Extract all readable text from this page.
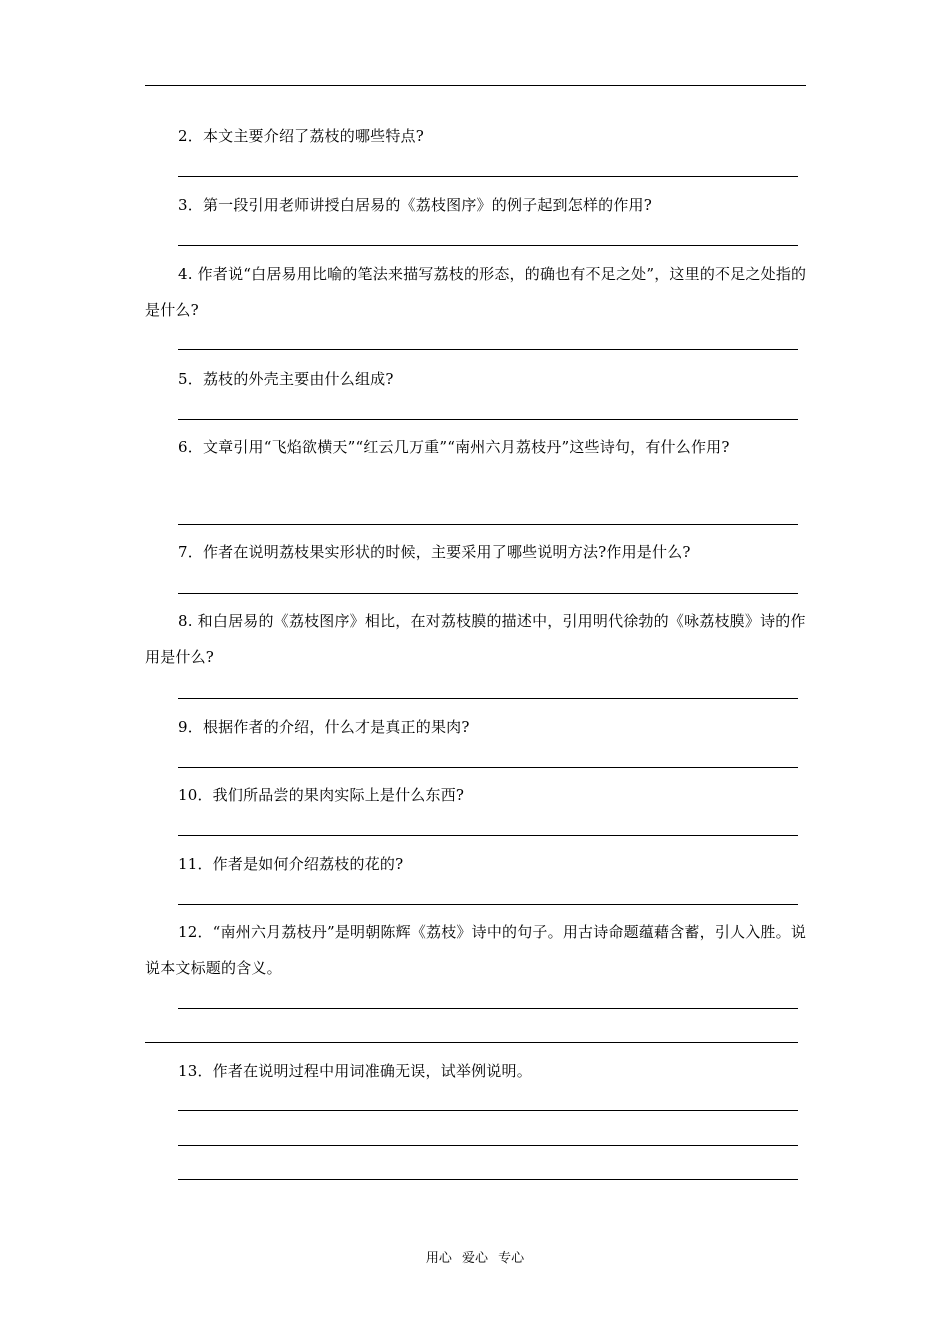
2．本文主要介绍了荔枝的哪些特点?
3．第一段引用老师讲授白居易的《荔枝图序》的例子起到怎样的作用?
4. 作者说“白居易用比喻的笔法来描写荔枝的形态，的确也有不足之处”，这里的不足之处指的是什么?
5．荔枝的外壳主要由什么组成?
6．文章引用“飞焰欲横天”“红云几万重”“南州六月荔枝丹”这些诗句，有什么作用?
7．作者在说明荔枝果实形状的时候，主要采用了哪些说明方法?作用是什么?
8. 和白居易的《荔枝图序》相比，在对荔枝膜的描述中，引用明代徐勃的《咏荔枝膜》诗的作用是什么?
9．根据作者的介绍，什么才是真正的果肉?
10．我们所品尝的果肉实际上是什么东西?
11．作者是如何介绍荔枝的花的?
12．“南州六月荔枝丹”是明朝陈辉《荔枝》诗中的句子。用古诗命题蕴藉含蓄，引人入胜。说说本文标题的含义。
13．作者在说明过程中用词准确无误，试举例说明。
用心 爱心 专心
